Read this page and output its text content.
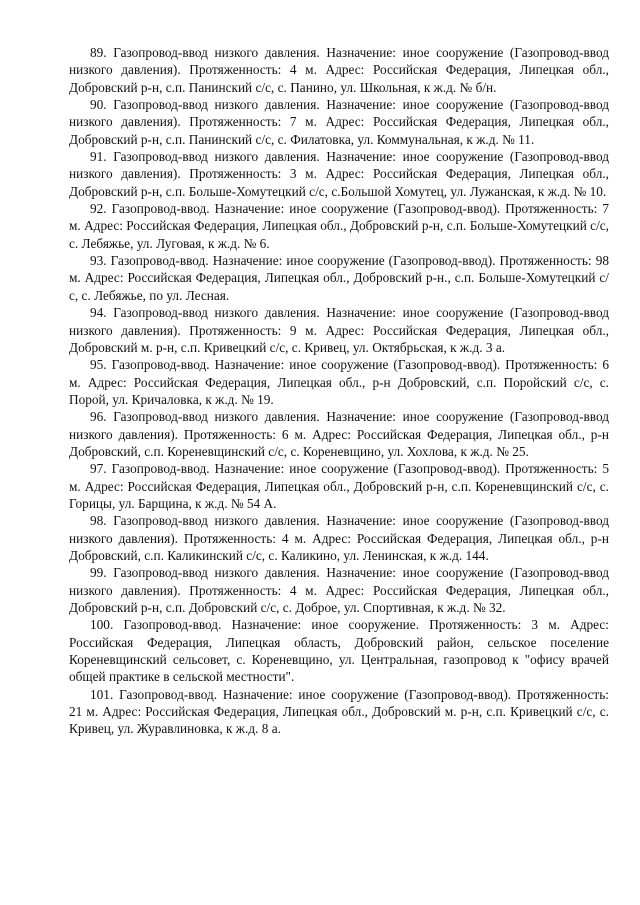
89. Газопровод-ввод низкого давления. Назначение: иное сооружение (Газопровод-ввод низкого давления). Протяженность: 4 м. Адрес: Российская Федерация, Липецкая обл., Добровский р-н, с.п. Панинский с/с, с. Панино, ул. Школьная, к ж.д. № б/н.

90. Газопровод-ввод низкого давления. Назначение: иное сооружение (Газопровод-ввод низкого давления). Протяженность: 7 м. Адрес: Российская Федерация, Липецкая обл., Добровский р-н, с.п. Панинский с/с, с. Филатовка, ул. Коммунальная, к ж.д. № 11.

91. Газопровод-ввод низкого давления. Назначение: иное сооружение (Газопровод-ввод низкого давления). Протяженность: 3 м. Адрес: Российская Федерация, Липецкая обл., Добровский р-н, с.п. Больше-Хомутецкий с/с, с.Большой Хомутец, ул. Лужанская, к ж.д. № 10.

92. Газопровод-ввод. Назначение: иное сооружение (Газопровод-ввод). Протяженность: 7 м. Адрес: Российская Федерация, Липецкая обл., Добровский р-н, с.п. Больше-Хомутецкий с/с, с. Лебяжье, ул. Луговая, к ж.д. № 6.

93. Газопровод-ввод. Назначение: иное сооружение (Газопровод-ввод). Протяженность: 98 м. Адрес: Российская Федерация, Липецкая обл., Добровский р-н., с.п. Больше-Хомутецкий с/с, с. Лебяжье, по ул. Лесная.

94. Газопровод-ввод низкого давления. Назначение: иное сооружение (Газопровод-ввод низкого давления). Протяженность: 9 м. Адрес: Российская Федерация, Липецкая обл., Добровский м. р-н, с.п. Кривецкий с/с, с. Кривец, ул. Октябрьская, к ж.д. 3 а.

95. Газопровод-ввод. Назначение: иное сооружение (Газопровод-ввод). Протяженность: 6 м. Адрес: Российская Федерация, Липецкая обл., р-н Добровский, с.п. Поройский с/с, с. Порой, ул. Кричаловка, к ж.д. № 19.

96. Газопровод-ввод низкого давления. Назначение: иное сооружение (Газопровод-ввод низкого давления). Протяженность: 6 м. Адрес: Российская Федерация, Липецкая обл., р-н Добровский, с.п. Кореневщинский с/с, с. Кореневщино, ул. Хохлова, к ж.д. № 25.

97. Газопровод-ввод. Назначение: иное сооружение (Газопровод-ввод). Протяженность: 5 м. Адрес: Российская Федерация, Липецкая обл., Добровский р-н, с.п. Кореневщинский с/с, с. Горицы, ул. Барщина, к ж.д. № 54 А.

98. Газопровод-ввод низкого давления. Назначение: иное сооружение (Газопровод-ввод низкого давления). Протяженность: 4 м. Адрес: Российская Федерация, Липецкая обл., р-н Добровский, с.п. Каликинский с/с, с. Каликино, ул. Ленинская, к ж.д. 144.

99. Газопровод-ввод низкого давления. Назначение: иное сооружение (Газопровод-ввод низкого давления). Протяженность: 4 м. Адрес: Российская Федерация, Липецкая обл., Добровский р-н, с.п. Добровский с/с, с. Доброе, ул. Спортивная, к ж.д. № 32.

100. Газопровод-ввод. Назначение: иное сооружение. Протяженность: 3 м. Адрес: Российская Федерация, Липецкая область, Добровский район, сельское поселение Кореневщинский сельсовет, с. Кореневщино, ул. Центральная, газопровод к "офису врачей общей практике в сельской местности".

101. Газопровод-ввод. Назначение: иное сооружение (Газопровод-ввод). Протяженность: 21 м. Адрес: Российская Федерация, Липецкая обл., Добровский м. р-н, с.п. Кривецкий с/с, с. Кривец, ул. Журавлиновка, к ж.д. 8 а.
